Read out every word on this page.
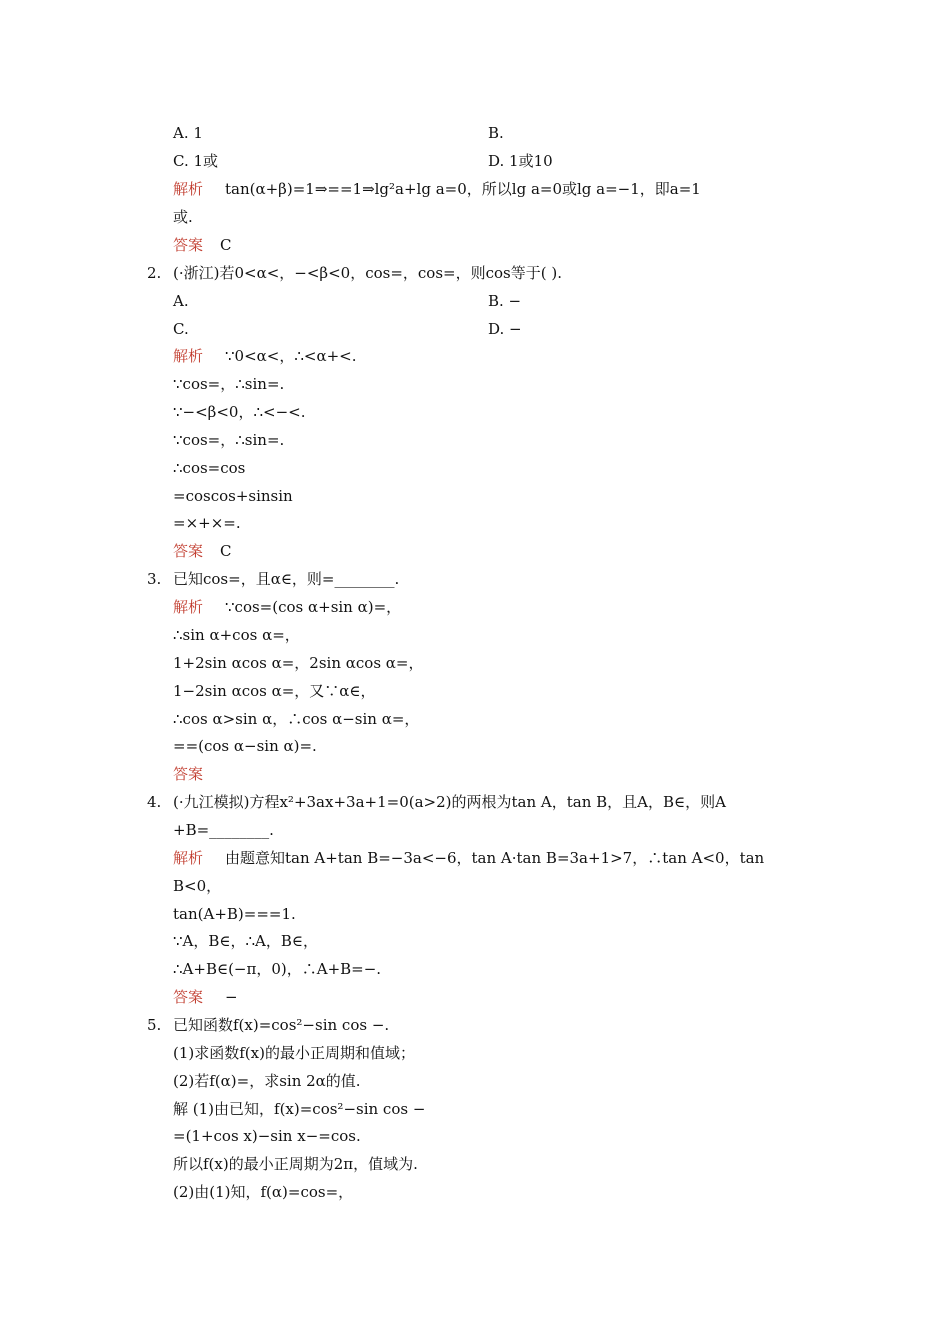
A. 1	B.
C. 1或	D. 1或10
解析 tan(α+β)=1⇒==1⇒lg²a+lg a=0，所以lg a=0或lg a=−1，即a=1
或.
答案 C
2. (·浙江)若0<α<，−<β<0，cos=，cos=，则cos等于( ).
A.	B. −
C.	D. −
解析 ∵0<α<，∴<α+<.
∵cos=，∴sin=.
∵−<β<0，∴<−<.
∵cos=，∴sin=.
∴cos=cos
=coscos+sinsin
=×+×=.
答案 C
3. 已知cos=，且α∈，则=________.
解析 ∵cos=(cos α+sin α)=，
∴sin α+cos α=，
1+2sin αcos α=，2sin αcos α=，
1−2sin αcos α=，又∵α∈，
∴cos α>sin α，∴cos α−sin α=，
==(cos α−sin α)=.
答案
4. (·九江模拟)方程x²+3ax+3a+1=0(a>2)的两根为tan A，tan B，且A，B∈，则A
+B=________.
解析 由题意知tan A+tan B=−3a<−6，tan A·tan B=3a+1>7，∴tan A<0，tan
B<0，
tan(A+B)===1.
∵A，B∈，∴A，B∈，
∴A+B∈(−π，0)，∴A+B=−.
答案 −
5. 已知函数f(x)=cos²−sin cos −.
(1)求函数f(x)的最小正周期和值域；
(2)若f(α)=，求sin 2α的值.
解 (1)由已知，f(x)=cos²−sin cos −
=(1+cos x)−sin x−=cos.
所以f(x)的最小正周期为2π，值域为.
(2)由(1)知，f(α)=cos=，
